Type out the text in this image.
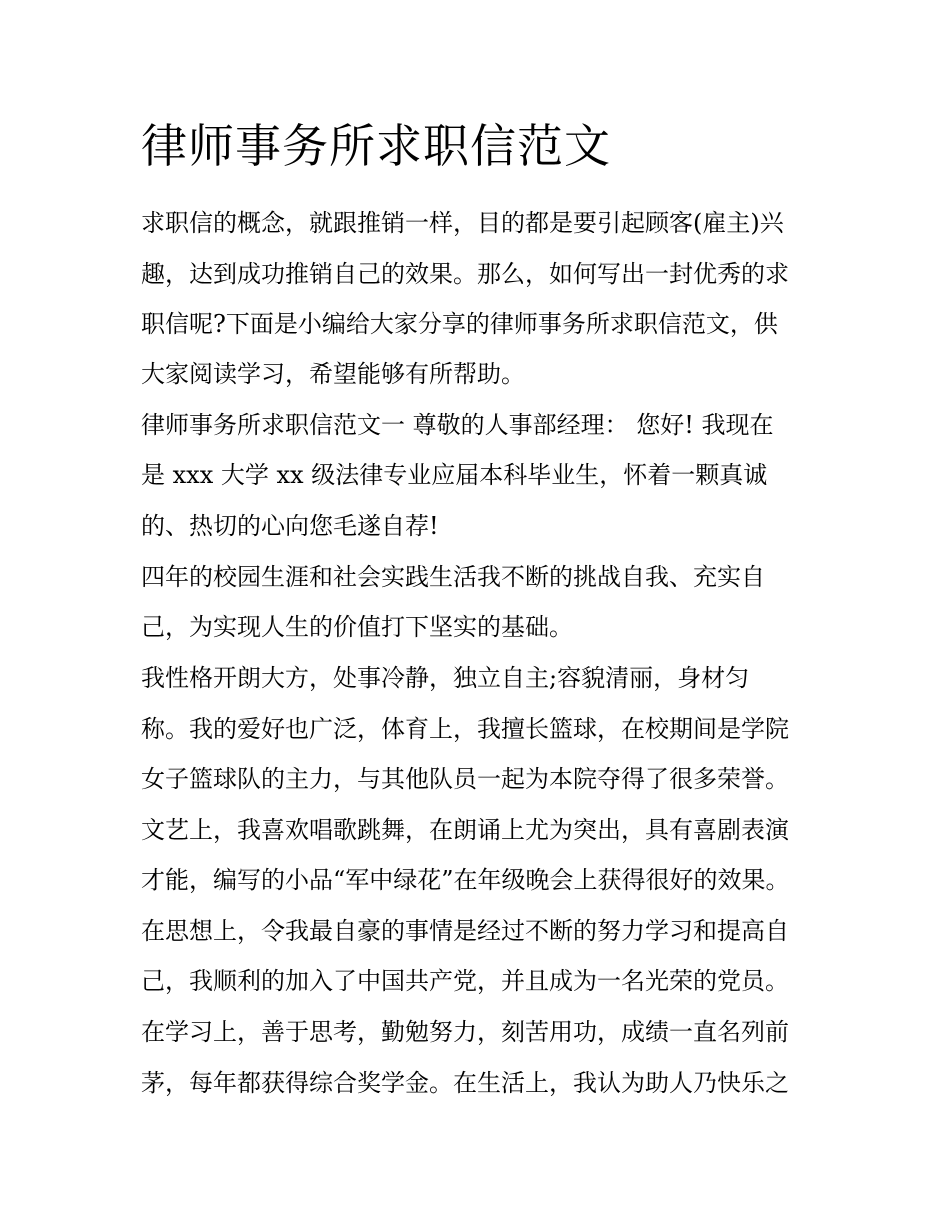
律师事务所求职信范文

求职信的概念，就跟推销一样，目的都是要引起顾客(雇主)兴

趣，达到成功推销自己的效果。那么，如何写出一封优秀的求

职信呢?下面是小编给大家分享的律师事务所求职信范文，供

大家阅读学习，希望能够有所帮助。

律师事务所求职信范文一 尊敬的人事部经理： 您好! 我现在

是 xxx 大学 xx 级法律专业应届本科毕业生，怀着一颗真诚

的、热切的心向您毛遂自荐!

四年的校园生涯和社会实践生活我不断的挑战自我、充实自

己，为实现人生的价值打下坚实的基础。

我性格开朗大方，处事冷静，独立自主;容貌清丽，身材匀

称。我的爱好也广泛，体育上，我擅长篮球，在校期间是学院

女子篮球队的主力，与其他队员一起为本院夺得了很多荣誉。

文艺上，我喜欢唱歌跳舞，在朗诵上尤为突出，具有喜剧表演

才能，编写的小品“军中绿花”在年级晚会上获得很好的效果。

在思想上，令我最自豪的事情是经过不断的努力学习和提高自

己，我顺利的加入了中国共产党，并且成为一名光荣的党员。

在学习上，善于思考，勤勉努力，刻苦用功，成绩一直名列前

茅，每年都获得综合奖学金。在生活上，我认为助人乃快乐之
